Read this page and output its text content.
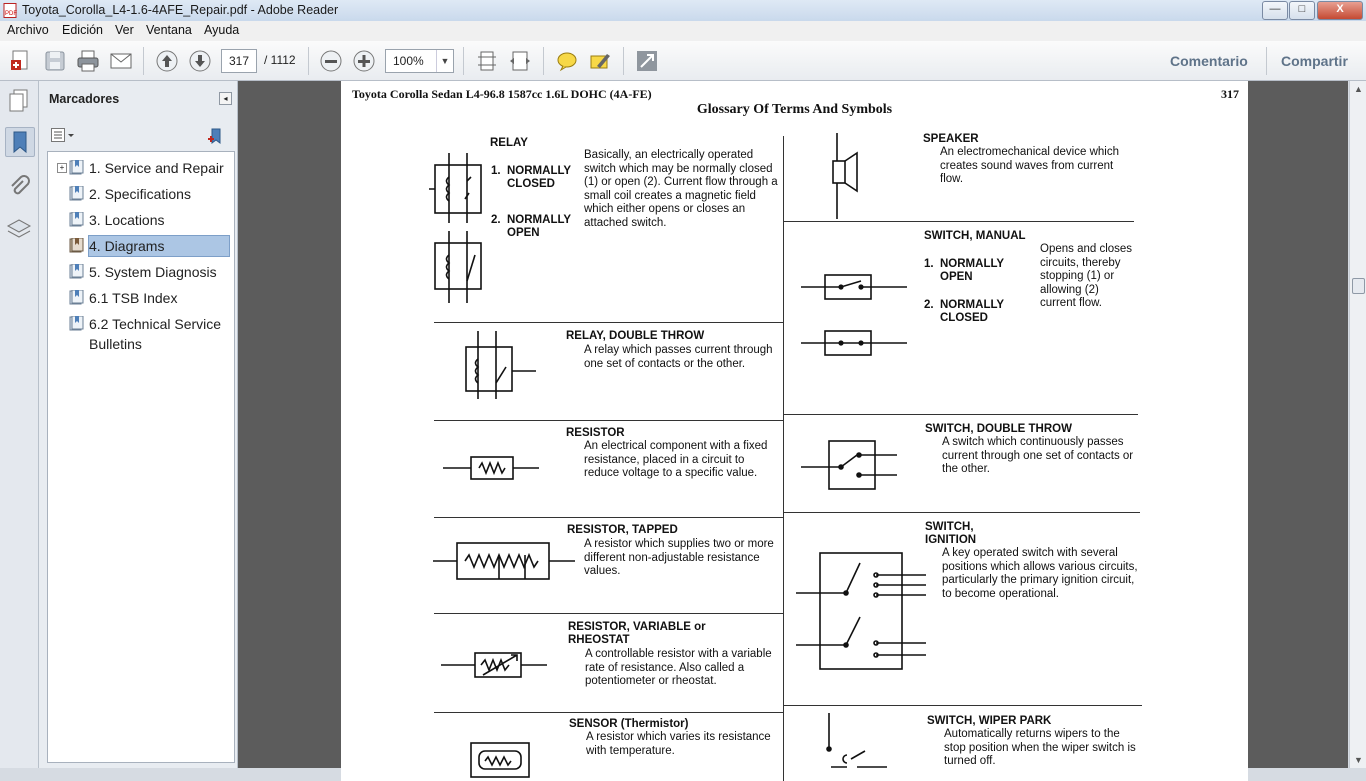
PDF Toyota_Corolla_L4-1.6-4AFE_Repair.pdf - Adobe Reader	—	□	X
Archivo Edición Ver Ventana Ayuda
317	/ 1112	100%	▼	Comentario Compartir
Marcadores	◂
+ 1. Service and Repair
2. Specifications
3. Locations
4. Diagrams
5. System Diagnosis
6.1 TSB Index
6.2 Technical Service Bulletins
Toyota Corolla Sedan L4-96.8 1587cc 1.6L DOHC (4A-FE)	317
Glossary Of Terms And Symbols
RELAY
1. NORMALLY CLOSED
2. NORMALLY OPEN
Basically, an electrically operated switch which may be normally closed (1) or open (2). Current flow through a small coil creates a magnetic field which either opens or closes an attached switch.
RELAY, DOUBLE THROW
A relay which passes current through one set of contacts or the other.
RESISTOR
An electrical component with a fixed resistance, placed in a circuit to reduce voltage to a specific value.
RESISTOR, TAPPED
A resistor which supplies two or more different non-adjustable resistance values.
RESISTOR, VARIABLE or RHEOSTAT
A controllable resistor with a variable rate of resistance. Also called a potentiometer or rheostat.
SENSOR (Thermistor)
A resistor which varies its resistance with temperature.
SPEAKER
An electromechanical device which creates sound waves from current flow.
SWITCH, MANUAL
1. NORMALLY OPEN
2. NORMALLY CLOSED
Opens and closes circuits, thereby stopping (1) or allowing (2) current flow.
SWITCH, DOUBLE THROW
A switch which continuously passes current through one set of contacts or the other.
SWITCH,
IGNITION
A key operated switch with several positions which allows various circuits, particularly the primary ignition circuit, to become operational.
SWITCH, WIPER PARK
Automatically returns wipers to the stop position when the wiper switch is turned off.
▲
▼
